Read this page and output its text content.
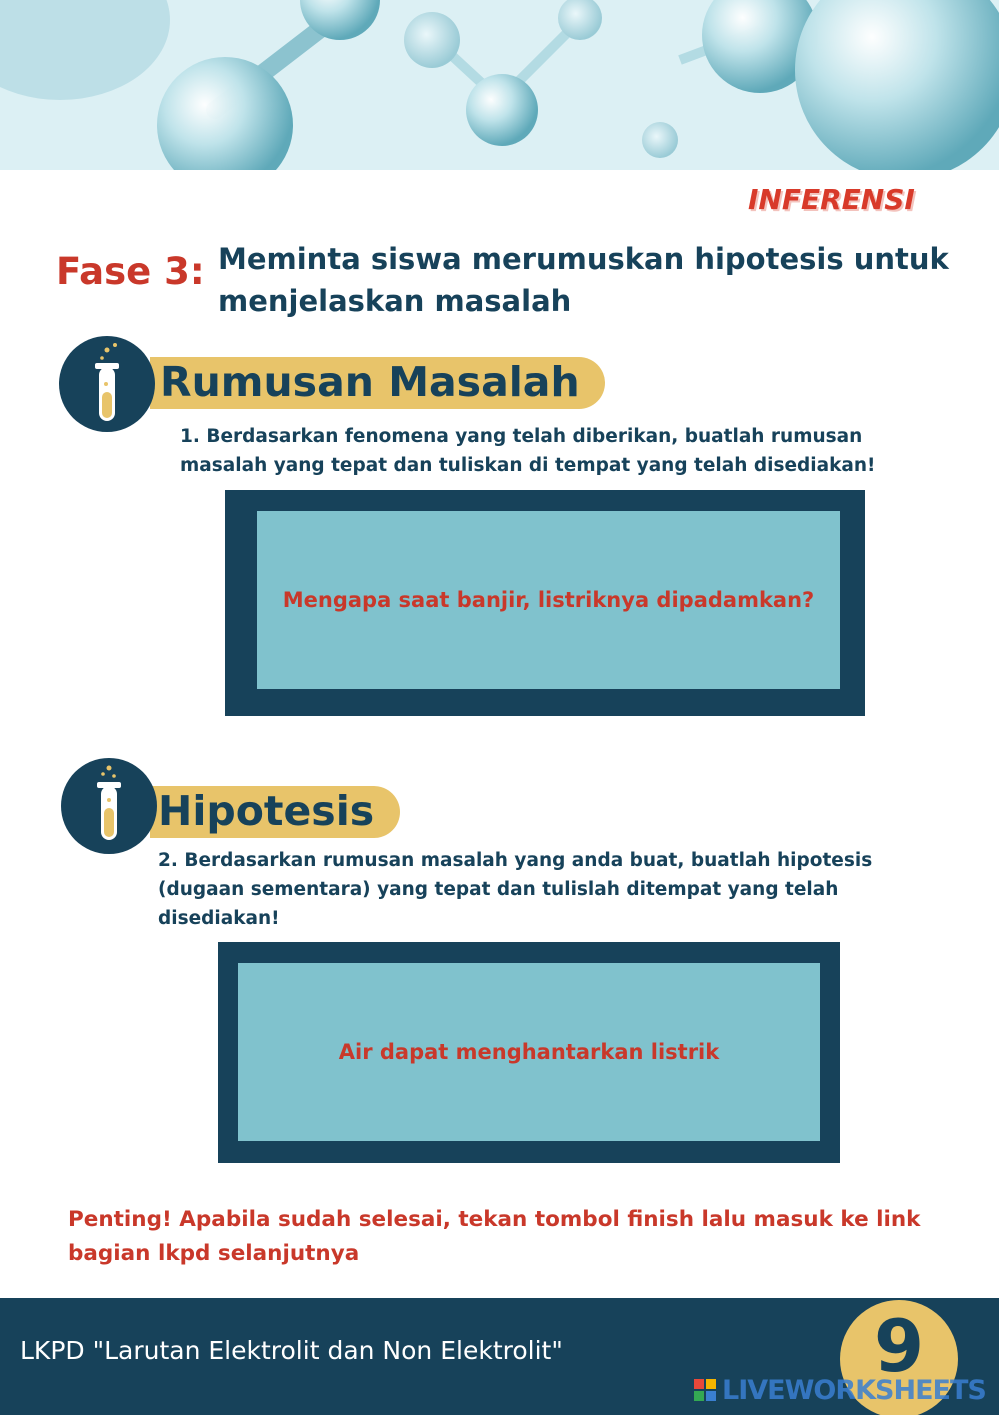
INFERENSI
Fase 3: Meminta siswa merumuskan hipotesis untuk menjelaskan masalah
Rumusan Masalah
1. Berdasarkan fenomena yang telah diberikan, buatlah rumusan masalah yang tepat dan tuliskan di tempat yang telah disediakan!
Mengapa saat banjir, listriknya dipadamkan?
Hipotesis
2. Berdasarkan rumusan masalah yang anda buat, buatlah hipotesis (dugaan sementara) yang tepat dan tulislah ditempat yang telah disediakan!
Air dapat menghantarkan listrik
Penting! Apabila sudah selesai, tekan tombol finish lalu masuk ke link bagian lkpd selanjutnya
LKPD "Larutan Elektrolit dan Non Elektrolit"	9
LIVEWORKSHEETS
